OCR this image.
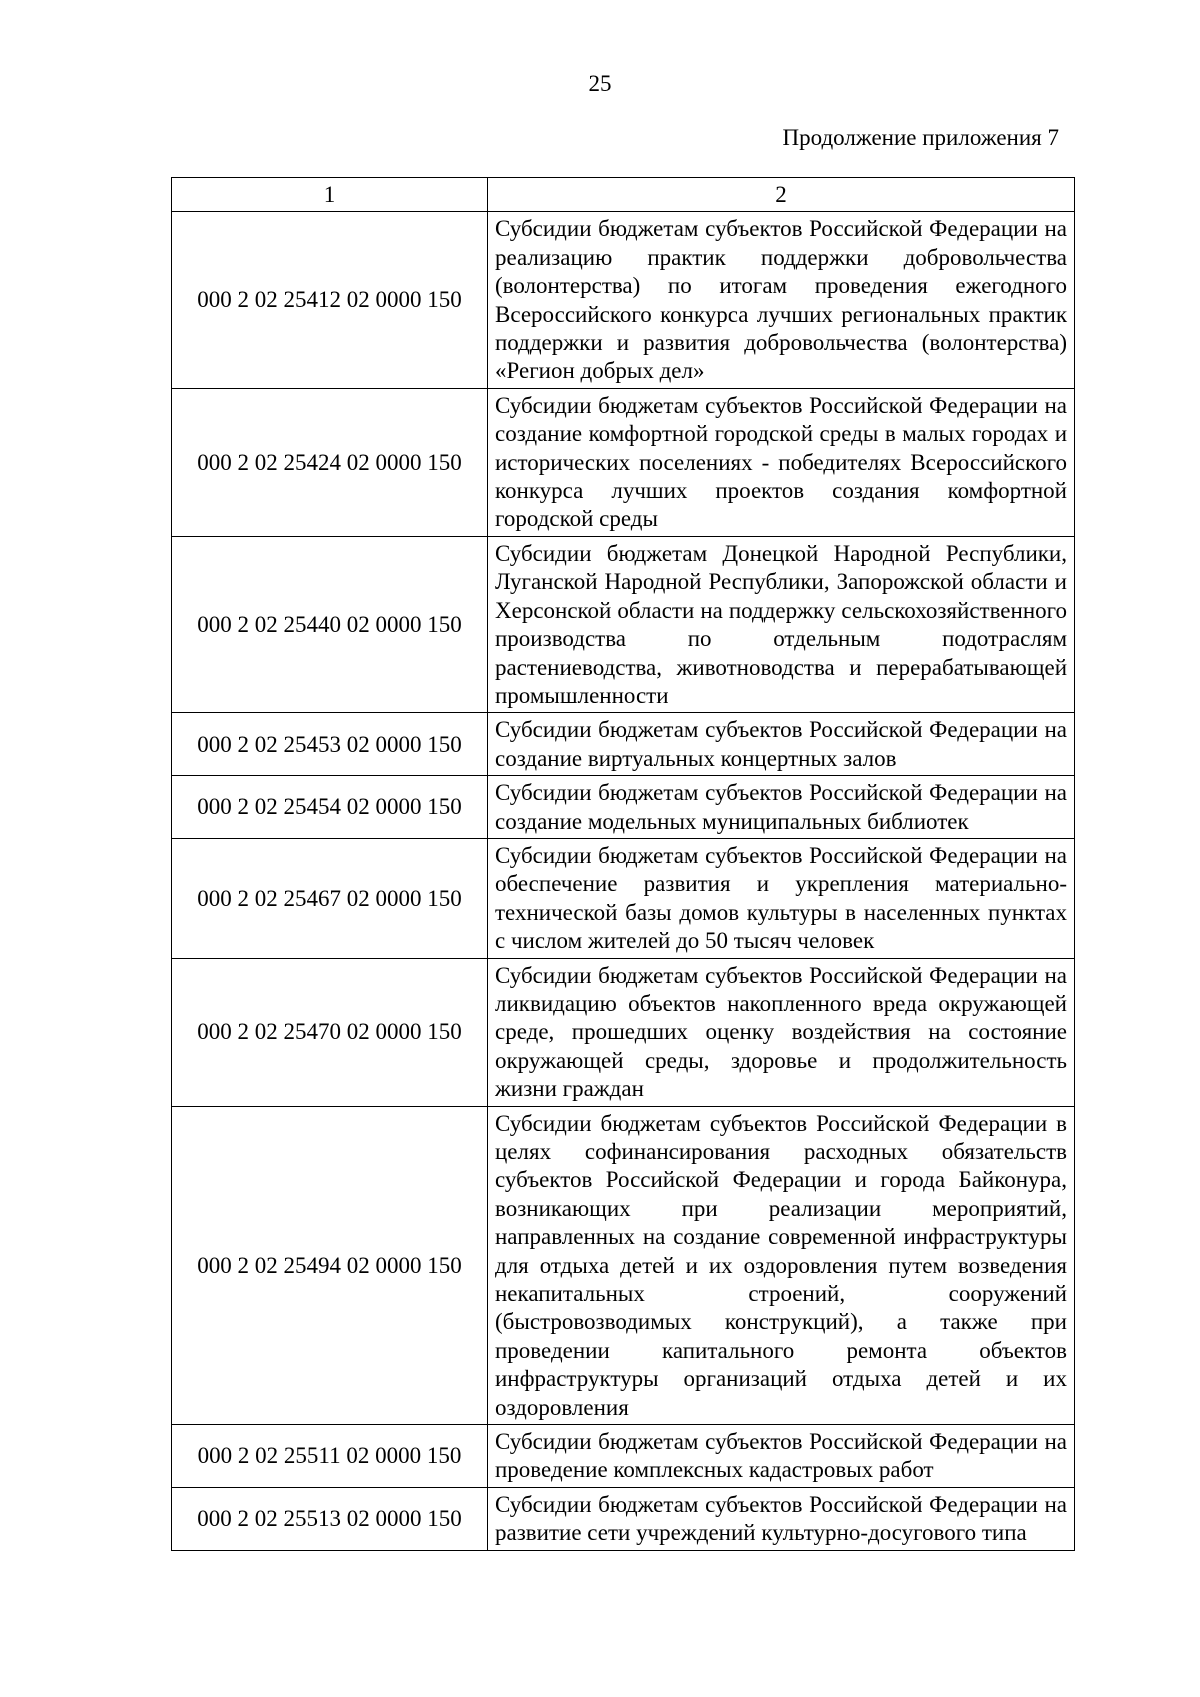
25
Продолжение приложения 7
1	2
000 2 02 25412 02 0000 150	Субсидии бюджетам субъектов Российской Федерации на реализацию практик поддержки добровольчества (волонтерства) по итогам проведения ежегодного Всероссийского конкурса лучших региональных практик поддержки и развития добровольчества (волонтерства) «Регион добрых дел»
000 2 02 25424 02 0000 150	Субсидии бюджетам субъектов Российской Федерации на создание комфортной городской среды в малых городах и исторических поселениях - победителях Всероссийского конкурса лучших проектов создания комфортной городской среды
000 2 02 25440 02 0000 150	Субсидии бюджетам Донецкой Народной Республики, Луганской Народной Республики, Запорожской области и Херсонской области на поддержку сельскохозяйственного производства по отдельным подотраслям растениеводства, животноводства и перерабатывающей промышленности
000 2 02 25453 02 0000 150	Субсидии бюджетам субъектов Российской Федерации на создание виртуальных концертных залов
000 2 02 25454 02 0000 150	Субсидии бюджетам субъектов Российской Федерации на создание модельных муниципальных библиотек
000 2 02 25467 02 0000 150	Субсидии бюджетам субъектов Российской Федерации на обеспечение развития и укрепления материально-технической базы домов культуры в населенных пунктах с числом жителей до 50 тысяч человек
000 2 02 25470 02 0000 150	Субсидии бюджетам субъектов Российской Федерации на ликвидацию объектов накопленного вреда окружающей среде, прошедших оценку воздействия на состояние окружающей среды, здоровье и продолжительность жизни граждан
000 2 02 25494 02 0000 150	Субсидии бюджетам субъектов Российской Федерации в целях софинансирования расходных обязательств субъектов Российской Федерации и города Байконура, возникающих при реализации мероприятий, направленных на создание современной инфраструктуры для отдыха детей и их оздоровления путем возведения некапитальных строений, сооружений (быстровозводимых конструкций), а также при проведении капитального ремонта объектов инфраструктуры организаций отдыха детей и их оздоровления
000 2 02 25511 02 0000 150	Субсидии бюджетам субъектов Российской Федерации на проведение комплексных кадастровых работ
000 2 02 25513 02 0000 150	Субсидии бюджетам субъектов Российской Федерации на развитие сети учреждений культурно-досугового типа
